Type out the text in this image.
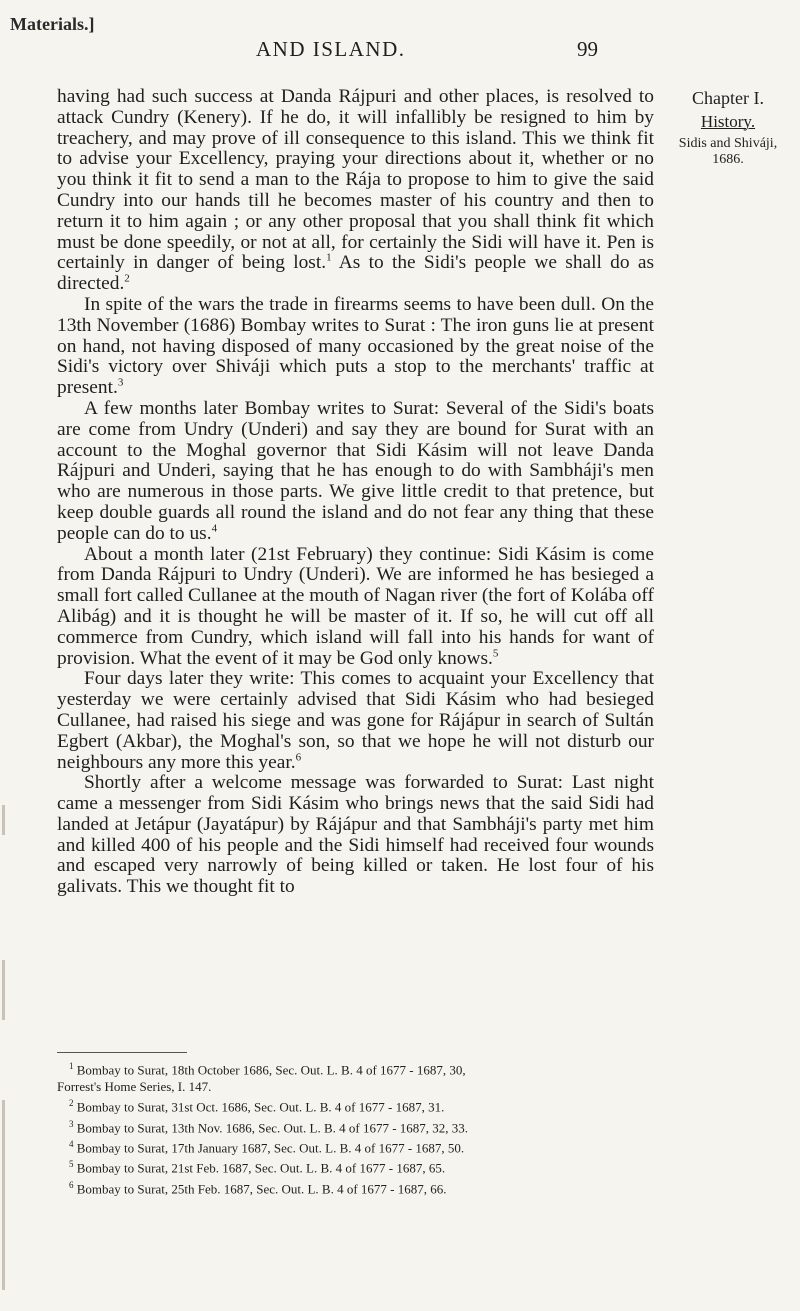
Materials.]
AND ISLAND.	99
Chapter I.
History.
Sidis and Shiváji,
1686.

having had such success at Danda Rájpuri and other places, is resolved to attack Cundry (Kenery). If he do, it will infallibly be resigned to him by treachery, and may prove of ill consequence to this island. This we think fit to advise your Excellency, praying your directions about it, whether or no you think it fit to send a man to the Rája to propose to him to give the said Cundry into our hands till he becomes master of his country and then to return it to him again ; or any other proposal that you shall think fit which must be done speedily, or not at all, for certainly the Sidi will have it. Pen is certainly in danger of being lost.$^1$ As to the Sidi's people we shall do as directed.$^2$

In spite of the wars the trade in firearms seems to have been dull. On the 13th November (1686) Bombay writes to Surat : The iron guns lie at present on hand, not having disposed of many occasioned by the great noise of the Sidi's victory over Shiváji which puts a stop to the merchants' traffic at present.$^3$

A few months later Bombay writes to Surat: Several of the Sidi's boats are come from Undry (Underi) and say they are bound for Surat with an account to the Moghal governor that Sidi Kásim will not leave Danda Rájpuri and Underi, saying that he has enough to do with Sambháji's men who are numerous in those parts. We give little credit to that pretence, but keep double guards all round the island and do not fear any thing that these people can do to us.$^4$

About a month later (21st February) they continue: Sidi Kásim is come from Danda Rájpuri to Undry (Underi). We are informed he has besieged a small fort called Cullanee at the mouth of Nagan river (the fort of Kolába off Alibág) and it is thought he will be master of it. If so, he will cut off all commerce from Cundry, which island will fall into his hands for want of provision. What the event of it may be God only knows.$^5$

Four days later they write: This comes to acquaint your Excellency that yesterday we were certainly advised that Sidi Kásim who had besieged Cullanee, had raised his siege and was gone for Rájápur in search of Sultán Egbert (Akbar), the Moghal's son, so that we hope he will not disturb our neighbours any more this year.$^6$

Shortly after a welcome message was forwarded to Surat: Last night came a messenger from Sidi Kásim who brings news that the said Sidi had landed at Jetápur (Jayatápur) by Rájápur and that Sambháji's party met him and killed 400 of his people and the Sidi himself had received four wounds and escaped very narrowly of being killed or taken. He lost four of his galivats. This we thought fit to

$^1$ Bombay to Surat, 18th October 1686, Sec. Out. L. B. 4 of 1677 - 1687, 30,

Forrest's Home Series, I. 147.

$^2$ Bombay to Surat, 31st Oct. 1686, Sec. Out. L. B. 4 of 1677 - 1687, 31.

$^3$ Bombay to Surat, 13th Nov. 1686, Sec. Out. L. B. 4 of 1677 - 1687, 32, 33.

$^4$ Bombay to Surat, 17th January 1687, Sec. Out. L. B. 4 of 1677 - 1687, 50.

$^5$ Bombay to Surat, 21st Feb. 1687, Sec. Out. L. B. 4 of 1677 - 1687, 65.

$^6$ Bombay to Surat, 25th Feb. 1687, Sec. Out. L. B. 4 of 1677 - 1687, 66.
